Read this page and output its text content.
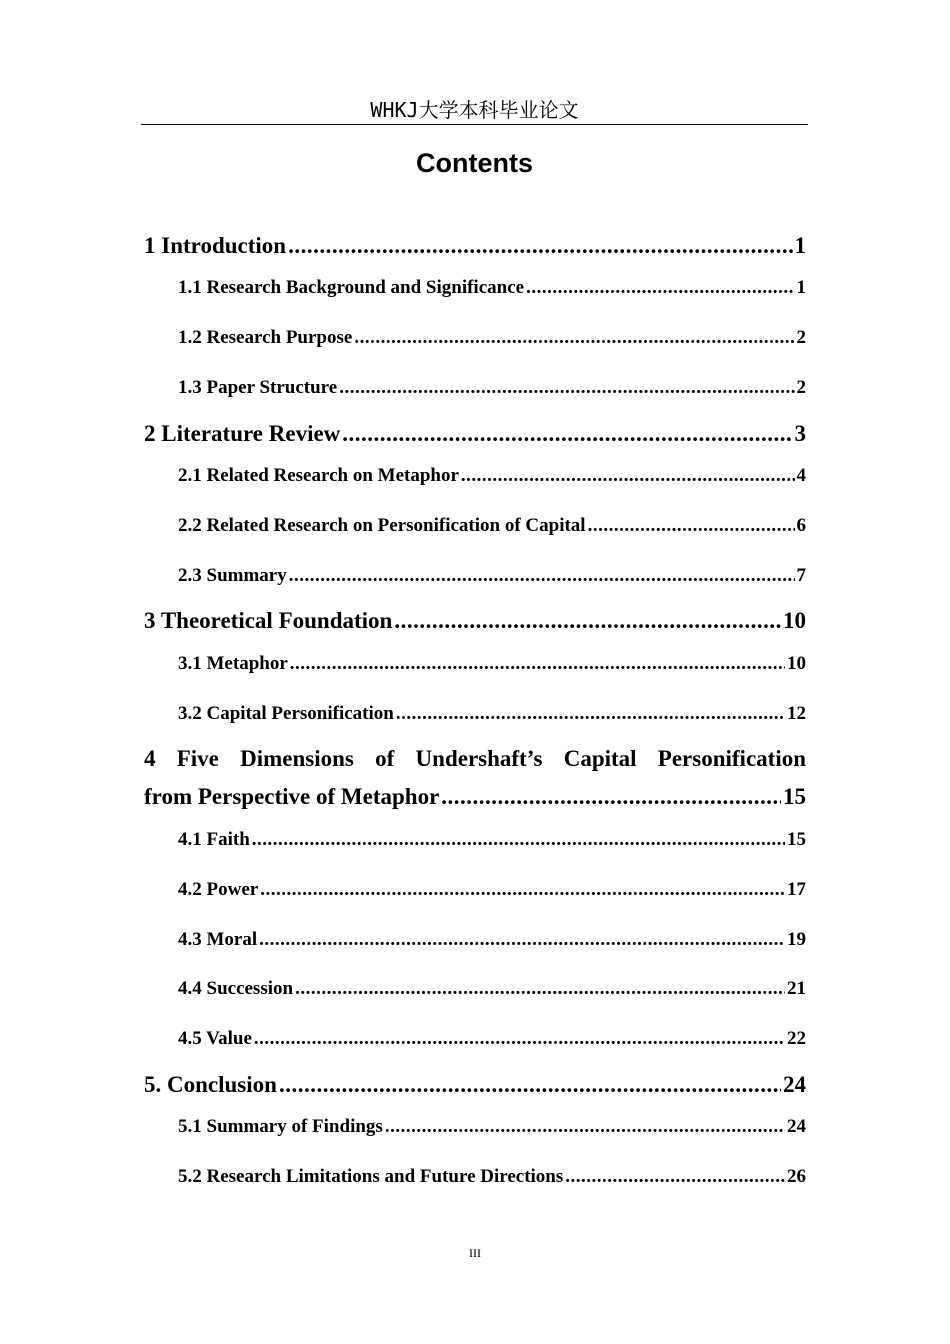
WHKJ大学本科毕业论文
Contents
1 Introduction .....	1
1.1 Research Background and Significance .....	1
1.2 Research Purpose .....	2
1.3 Paper Structure .....	2
2 Literature Review .....	3
2.1 Related Research on Metaphor .....	4
2.2 Related Research on Personification of Capital .....	6
2.3 Summary .....	7
3 Theoretical Foundation .....	10
3.1 Metaphor .....	10
3.2 Capital Personification .....	12
4 Five Dimensions of Undershaft’s Capital Personification
from Perspective of Metaphor .....	15
4.1 Faith .....	15
4.2 Power .....	17
4.3 Moral .....	19
4.4 Succession .....	21
4.5 Value .....	22
5. Conclusion .....	24
5.1 Summary of Findings .....	24
5.2 Research Limitations and Future Directions .....	26
III
